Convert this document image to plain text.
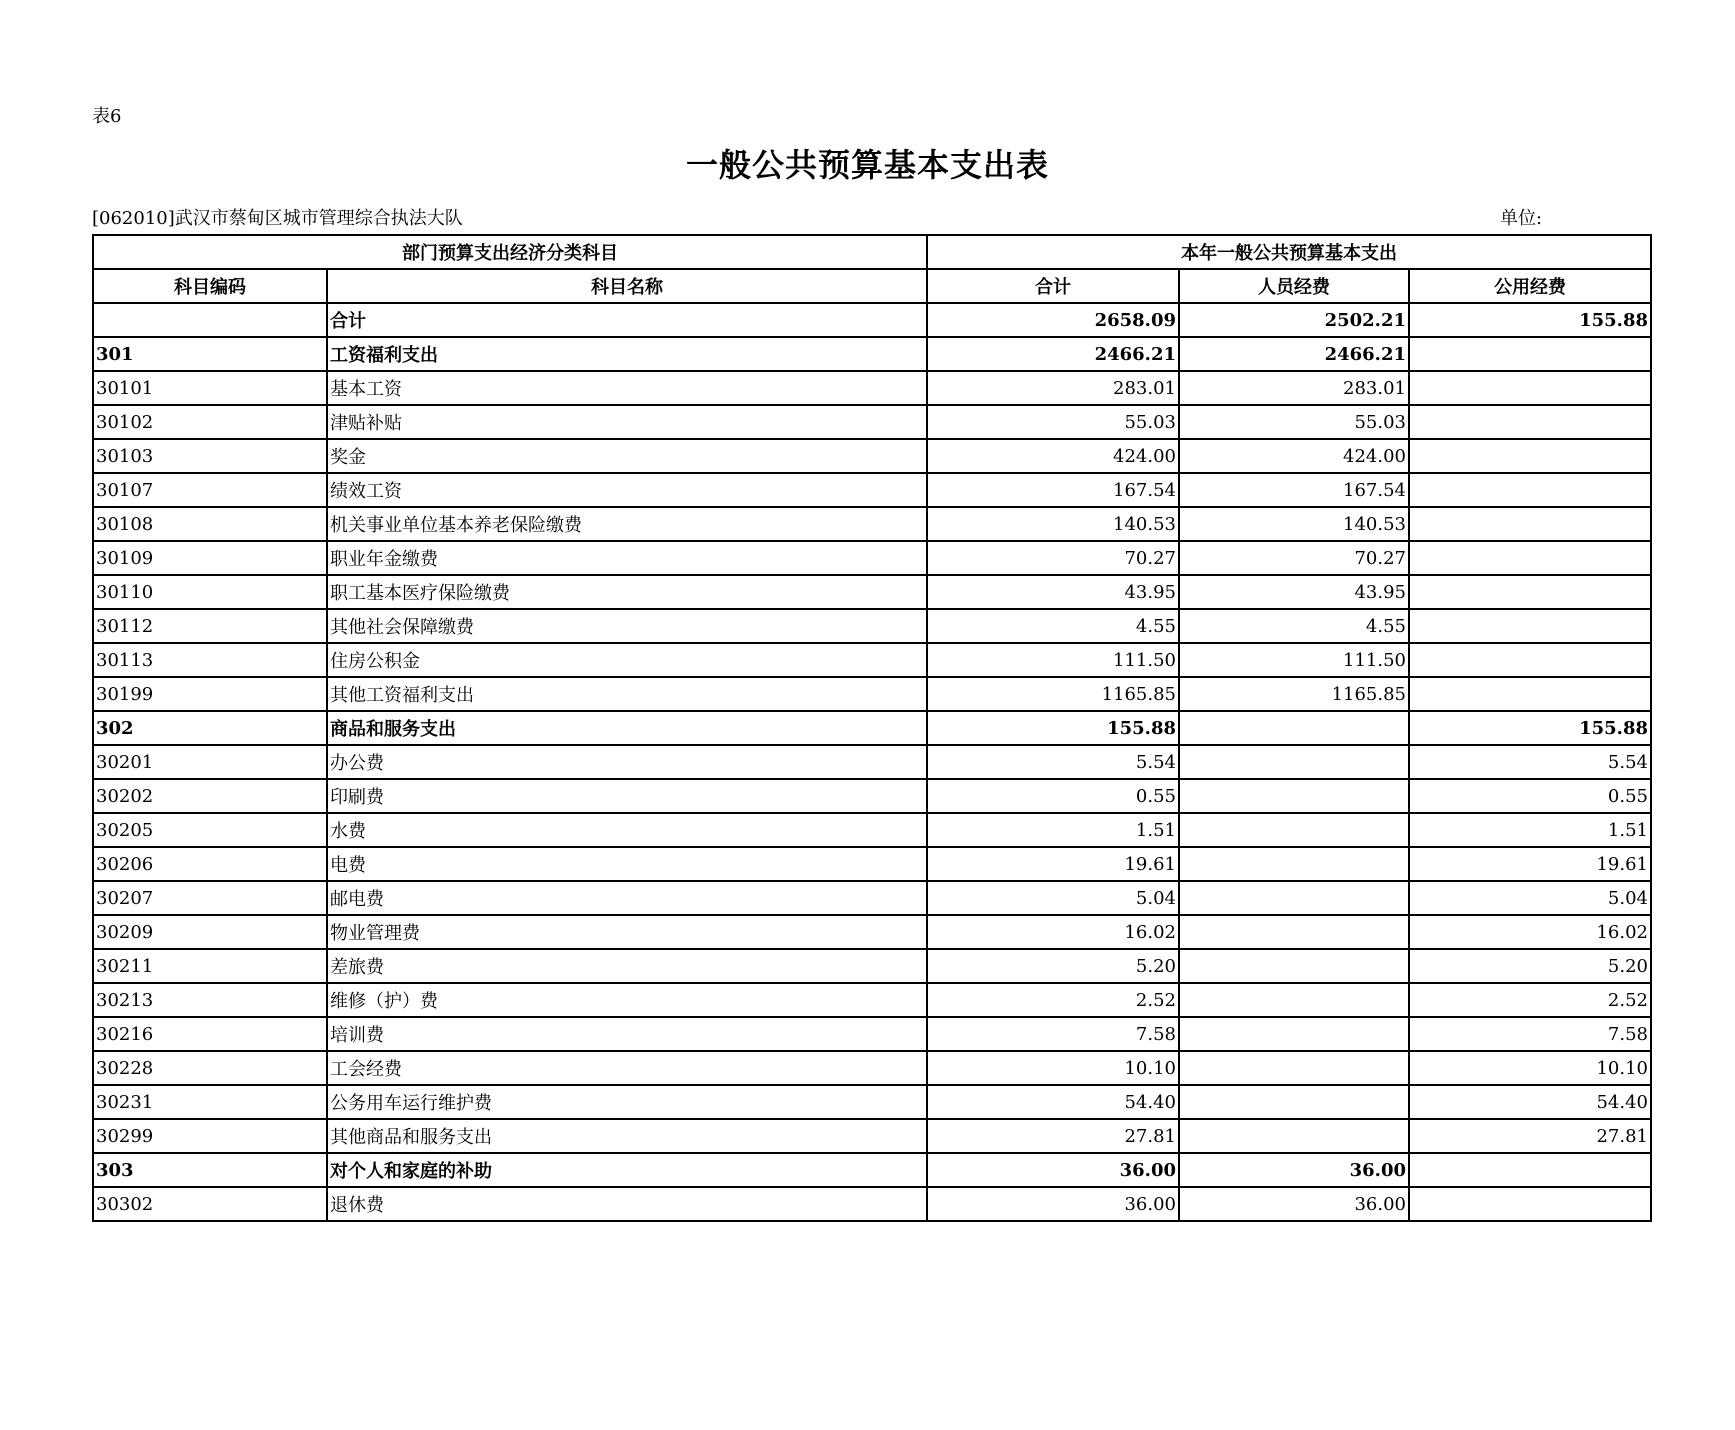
表6
一般公共预算基本支出表
[062010]武汉市蔡甸区城市管理综合执法大队	单位:
部门预算支出经济分类科目		本年一般公共预算基本支出		
科目编码	科目名称	合计	人员经费	公用经费
	合计	2658.09	2502.21	155.88
301	工资福利支出	2466.21	2466.21	
30101	基本工资	283.01	283.01	
30102	津贴补贴	55.03	55.03	
30103	奖金	424.00	424.00	
30107	绩效工资	167.54	167.54	
30108	机关事业单位基本养老保险缴费	140.53	140.53	
30109	职业年金缴费	70.27	70.27	
30110	职工基本医疗保险缴费	43.95	43.95	
30112	其他社会保障缴费	4.55	4.55	
30113	住房公积金	111.50	111.50	
30199	其他工资福利支出	1165.85	1165.85	
302	商品和服务支出	155.88		155.88
30201	办公费	5.54		5.54
30202	印刷费	0.55		0.55
30205	水费	1.51		1.51
30206	电费	19.61		19.61
30207	邮电费	5.04		5.04
30209	物业管理费	16.02		16.02
30211	差旅费	5.20		5.20
30213	维修（护）费	2.52		2.52
30216	培训费	7.58		7.58
30228	工会经费	10.10		10.10
30231	公务用车运行维护费	54.40		54.40
30299	其他商品和服务支出	27.81		27.81
303	对个人和家庭的补助	36.00	36.00	
30302	退休费	36.00	36.00	
